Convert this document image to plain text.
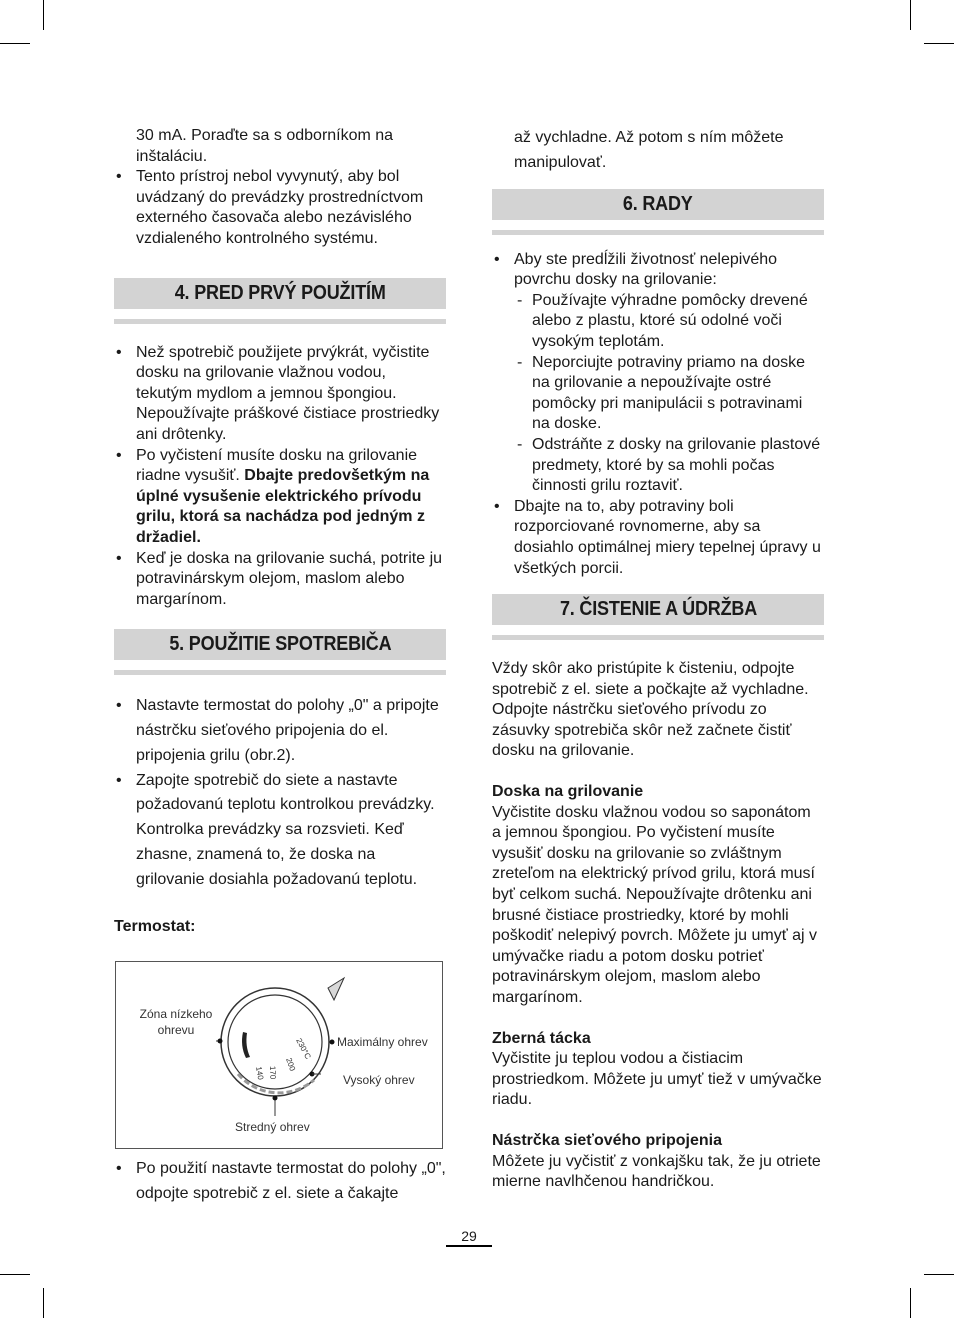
30 mA. Poraďte sa s odborníkom na inštaláciu.

• Tento prístroj nebol vyvynutý, aby bol uvádzaný do prevádzky prostredníctvom externého časovača alebo nezávislého vzdialeného kontrolného systému.
4. PRED PRVÝ POUŽITÍM
• Než spotrebič použijete prvýkrát, vyčistite dosku na grilovanie vlažnou vodou, tekutým mydlom a jemnou špongiou. Nepoužívajte práškové čistiace prostriedky ani drôtenky.
• Po vyčistení musíte dosku na grilovanie riadne vysušiť. Dbajte predovšetkým na úplné vysušenie elektrického prívodu grilu, ktorá sa nachádza pod jedným z držadiel.
• Keď je doska na grilovanie suchá, potrite ju potravinárskym olejom, maslom alebo margarínom.
5. POUŽITIE SPOTREBIČA
• Nastavte termostat do polohy „0" a pripojte nástrčku sieťového pripojenia do el. pripojenia grilu (obr.2).
• Zapojte spotrebič do siete a nastavte požadovanú teplotu kontrolkou prevádzky. Kontrolka prevádzky sa rozsvieti. Keď zhasne, znamená to, že doska na grilovanie dosiahla požadovanú teplotu.

Termostat:

140 170
200
230°C
Zóna nízkeho ohrevu
Maximálny ohrev
Vysoký ohrev
Stredný ohrev
• Po použití nastavte termostat do polohy „0", odpojte spotrebič z el. siete a čakajte

až vychladne. Až potom s ním môžete manipulovať.

6. RADY
• Aby ste predĺžili životnosť nelepivého povrchu dosky na grilovanie:
- Používajte výhradne pomôcky drevené alebo z plastu, ktoré sú odolné voči vysokým teplotám.
- Neporciujte potraviny priamo na doske na grilovanie a nepoužívajte ostré pomôcky pri manipulácii s potravinami na doske.
- Odstráňte z dosky na grilovanie plastové predmety, ktoré by sa mohli počas činnosti grilu roztaviť.
• Dbajte na to, aby potraviny boli rozporciované rovnomerne, aby sa dosiahlo optimálnej miery tepelnej úpravy u všetkých porcii.
7. ČISTENIE A ÚDRŽBA

Vždy skôr ako pristúpite k čisteniu, odpojte spotrebič z el. siete a počkajte až vychladne. Odpojte nástrčku sieťového prívodu zo zásuvky spotrebiča skôr než začnete čistiť dosku na grilovanie.

Doska na grilovanie

Vyčistite dosku vlažnou vodou so saponátom a jemnou špongiou. Po vyčistení musíte vysušiť dosku na grilovanie so zvláštnym zreteľom na elektrický prívod grilu, ktorá musí byť celkom suchá. Nepoužívajte drôtenku ani brusné čistiace prostriedky, ktoré by mohli poškodiť nelepivý povrch. Môžete ju umyť aj v umývačke riadu a potom dosku potrieť potravinárskym olejom, maslom alebo margarínom.

Zberná tácka

Vyčistite ju teplou vodou a čistiacim prostriedkom. Môžete ju umyť tiež v umývačke riadu.

Nástrčka sieťového pripojenia

Môžete ju vyčistiť z vonkajšku tak, že ju otriete mierne navlhčenou handričkou.

29
